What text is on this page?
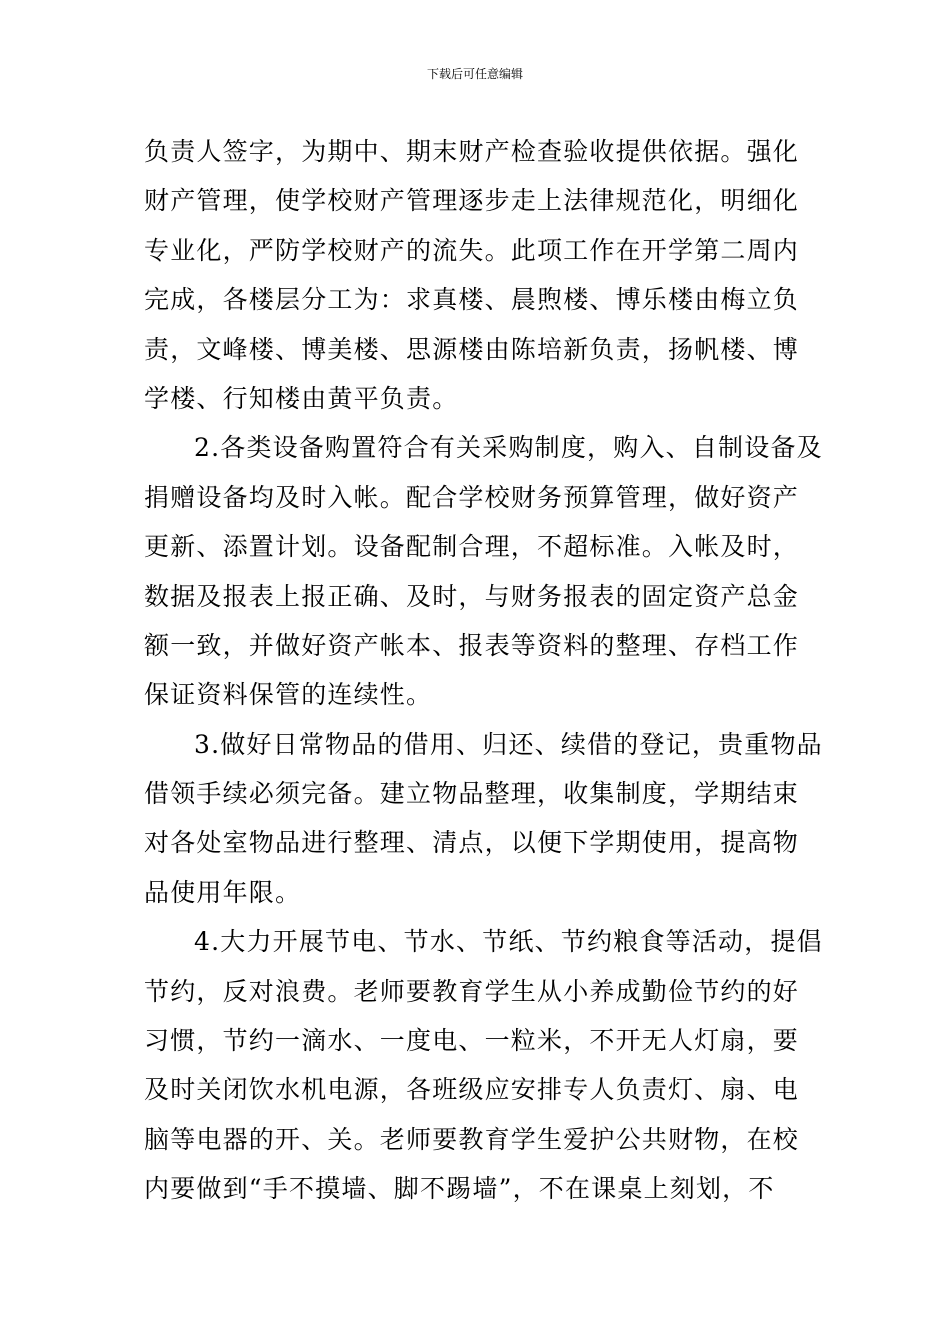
下载后可任意编辑
负责人签字，为期中、期末财产检查验收提供依据。强化
财产管理，使学校财产管理逐步走上法律规范化，明细化
专业化，严防学校财产的流失。此项工作在开学第二周内
完成，各楼层分工为：求真楼、晨煦楼、博乐楼由梅立负
责，文峰楼、博美楼、思源楼由陈培新负责，扬帆楼、博
学楼、行知楼由黄平负责。
2.各类设备购置符合有关采购制度，购入、自制设备及
捐赠设备均及时入帐。配合学校财务预算管理，做好资产
更新、添置计划。设备配制合理，不超标准。入帐及时，
数据及报表上报正确、及时，与财务报表的固定资产总金
额一致，并做好资产帐本、报表等资料的整理、存档工作
保证资料保管的连续性。
3.做好日常物品的借用、归还、续借的登记，贵重物品
借领手续必须完备。建立物品整理，收集制度，学期结束
对各处室物品进行整理、清点，以便下学期使用，提高物
品使用年限。
4.大力开展节电、节水、节纸、节约粮食等活动，提倡
节约，反对浪费。老师要教育学生从小养成勤俭节约的好
习惯，节约一滴水、一度电、一粒米，不开无人灯扇，要
及时关闭饮水机电源，各班级应安排专人负责灯、扇、电
脑等电器的开、关。老师要教育学生爱护公共财物，在校
内要做到“手不摸墙、脚不踢墙”，不在课桌上刻划，不
